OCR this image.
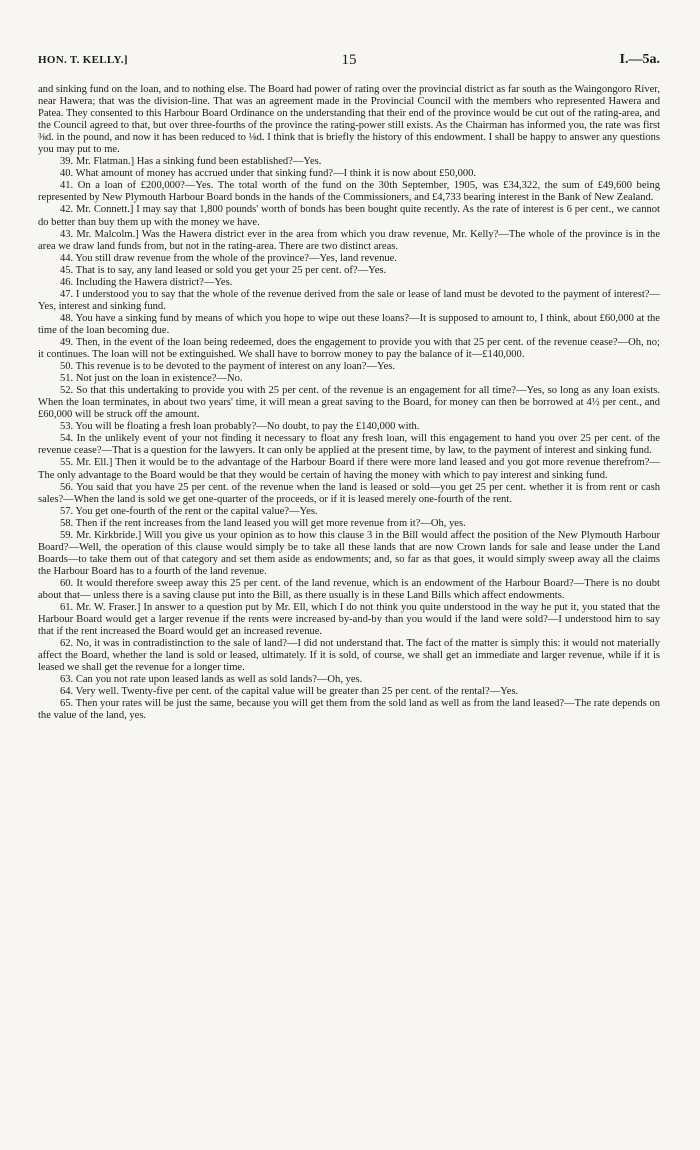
HON. T. KELLY.]	15	I.—5a.

and sinking fund on the loan, and to nothing else. The Board had power of rating over the provincial district as far south as the Waingongoro River, near Hawera; that was the division-line. That was an agreement made in the Provincial Council with the members who represented Hawera and Patea. They consented to this Harbour Board Ordinance on the understanding that their end of the province would be cut out of the rating-area, and the Council agreed to that, but over three-fourths of the province the rating-power still exists. As the Chairman has informed you, the rate was first ⅜d. in the pound, and now it has been reduced to ⅛d. I think that is briefly the history of this endowment. I shall be happy to answer any questions you may put to me.

39. Mr. Flatman.] Has a sinking fund been established?—Yes.

40. What amount of money has accrued under that sinking fund?—I think it is now about £50,000.

41. On a loan of £200,000?—Yes. The total worth of the fund on the 30th September, 1905, was £34,322, the sum of £49,600 being represented by New Plymouth Harbour Board bonds in the hands of the Commissioners, and £4,733 bearing interest in the Bank of New Zealand.

42. Mr. Connett.] I may say that 1,800 pounds' worth of bonds has been bought quite recently. As the rate of interest is 6 per cent., we cannot do better than buy them up with the money we have.

43. Mr. Malcolm.] Was the Hawera district ever in the area from which you draw revenue, Mr. Kelly?—The whole of the province is in the area we draw land funds from, but not in the rating-area. There are two distinct areas.

44. You still draw revenue from the whole of the province?—Yes, land revenue.

45. That is to say, any land leased or sold you get your 25 per cent. of?—Yes.

46. Including the Hawera district?—Yes.

47. I understood you to say that the whole of the revenue derived from the sale or lease of land must be devoted to the payment of interest?—Yes, interest and sinking fund.

48. You have a sinking fund by means of which you hope to wipe out these loans?—It is supposed to amount to, I think, about £60,000 at the time of the loan becoming due.

49. Then, in the event of the loan being redeemed, does the engagement to provide you with that 25 per cent. of the revenue cease?—Oh, no; it continues. The loan will not be extinguished. We shall have to borrow money to pay the balance of it—£140,000.

50. This revenue is to be devoted to the payment of interest on any loan?—Yes.

51. Not just on the loan in existence?—No.

52. So that this undertaking to provide you with 25 per cent. of the revenue is an engagement for all time?—Yes, so long as any loan exists. When the loan terminates, in about two years' time, it will mean a great saving to the Board, for money can then be borrowed at 4½ per cent., and £60,000 will be struck off the amount.

53. You will be floating a fresh loan probably?—No doubt, to pay the £140,000 with.

54. In the unlikely event of your not finding it necessary to float any fresh loan, will this engagement to hand you over 25 per cent. of the revenue cease?—That is a question for the lawyers. It can only be applied at the present time, by law, to the payment of interest and sinking fund.

55. Mr. Ell.] Then it would be to the advantage of the Harbour Board if there were more land leased and you got more revenue therefrom?—The only advantage to the Board would be that they would be certain of having the money with which to pay interest and sinking fund.

56. You said that you have 25 per cent. of the revenue when the land is leased or sold—you get 25 per cent. whether it is from rent or cash sales?—When the land is sold we get one-quarter of the proceeds, or if it is leased merely one-fourth of the rent.

57. You get one-fourth of the rent or the capital value?—Yes.

58. Then if the rent increases from the land leased you will get more revenue from it?—Oh, yes.

59. Mr. Kirkbride.] Will you give us your opinion as to how this clause 3 in the Bill would affect the position of the New Plymouth Harbour Board?—Well, the operation of this clause would simply be to take all these lands that are now Crown lands for sale and lease under the Land Boards—to take them out of that category and set them aside as endowments; and, so far as that goes, it would simply sweep away all the claims the Harbour Board has to a fourth of the land revenue.

60. It would therefore sweep away this 25 per cent. of the land revenue, which is an endowment of the Harbour Board?—There is no doubt about that— unless there is a saving clause put into the Bill, as there usually is in these Land Bills which affect endowments.

61. Mr. W. Fraser.] In answer to a question put by Mr. Ell, which I do not think you quite understood in the way he put it, you stated that the Harbour Board would get a larger revenue if the rents were increased by-and-by than you would if the land were sold?—I understood him to say that if the rent increased the Board would get an increased revenue.

62. No, it was in contradistinction to the sale of land?—I did not understand that. The fact of the matter is simply this: it would not materially affect the Board, whether the land is sold or leased, ultimately. If it is sold, of course, we shall get an immediate and larger revenue, while if it is leased we shall get the revenue for a longer time.

63. Can you not rate upon leased lands as well as sold lands?—Oh, yes.

64. Very well. Twenty-five per cent. of the capital value will be greater than 25 per cent. of the rental?—Yes.

65. Then your rates will be just the same, because you will get them from the sold land as well as from the land leased?—The rate depends on the value of the land, yes.
